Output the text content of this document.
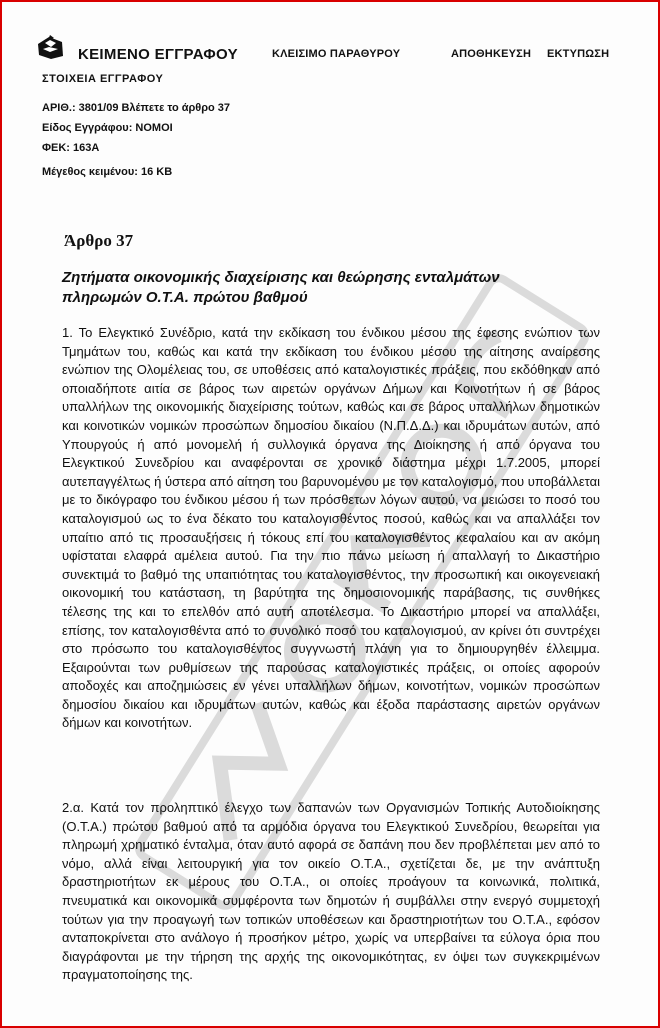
ΚΕΙΜΕΝΟ ΕΓΓΡΑΦΟΥ	ΚΛΕΙΣΙΜΟ ΠΑΡΑΘΥΡΟΥ	ΑΠΟΘΗΚΕΥΣΗ ΕΚΤΥΠΩΣΗ
ΣΤΟΙΧΕΙΑ ΕΓΓΡΑΦΟΥ
ΑΡΙΘ.: 3801/09 Βλέπετε το άρθρο 37
Είδος Εγγράφου: ΝΟΜΟΙ
ΦΕΚ: 163Α
Μέγεθος κειμένου: 16 KB
Άρθρο 37
Ζητήματα οικονομικής διαχείρισης και θεώρησης ενταλμάτων πληρωμών Ο.Τ.Α. πρώτου βαθμού
1. Το Ελεγκτικό Συνέδριο, κατά την εκδίκαση του ένδικου μέσου της έφεσης ενώπιον των Τμημάτων του, καθώς και κατά την εκδίκαση του ένδικου μέσου της αίτησης αναίρεσης ενώπιον της Ολομέλειας του, σε υποθέσεις από καταλογιστικές πράξεις, που εκδόθηκαν από οποιαδήποτε αιτία σε βάρος των αιρετών οργάνων Δήμων και Κοινοτήτων ή σε βάρος υπαλλήλων της οικονομικής διαχείρισης τούτων, καθώς και σε βάρος υπαλλήλων δημοτικών και κοινοτικών νομικών προσώπων δημοσίου δικαίου (Ν.Π.Δ.Δ.) και ιδρυμάτων αυτών, από Υπουργούς ή από μονομελή ή συλλογικά όργανα της Διοίκησης ή από όργανα του Ελεγκτικού Συνεδρίου και αναφέρονται σε χρονικό διάστημα μέχρι 1.7.2005, μπορεί αυτεπαγγέλτως ή ύστερα από αίτηση του βαρυνομένου με τον καταλογισμό, που υποβάλλεται με το δικόγραφο του ένδικου μέσου ή των πρόσθετων λόγων αυτού, να μειώσει το ποσό του καταλογισμού ως το ένα δέκατο του καταλογισθέντος ποσού, καθώς και να απαλλάξει τον υπαίτιο από τις προσαυξήσεις ή τόκους επί του καταλογισθέντος κεφαλαίου και αν ακόμη υφίσταται ελαφρά αμέλεια αυτού. Για την πιο πάνω μείωση ή απαλλαγή το Δικαστήριο συνεκτιμά το βαθμό της υπαιτιότητας του καταλογισθέντος, την προσωπική και οικογενειακή οικονομική του κατάσταση, τη βαρύτητα της δημοσιονομικής παράβασης, τις συνθήκες τέλεσης της και το επελθόν από αυτή αποτέλεσμα. Το Δικαστήριο μπορεί να απαλλάξει, επίσης, τον καταλογισθέντα από το συνολικό ποσό του καταλογισμού, αν κρίνει ότι συντρέχει στο πρόσωπο του καταλογισθέντος συγγνωστή πλάνη για το δημιουργηθέν έλλειμμα. Εξαιρούνται των ρυθμίσεων της παρούσας καταλογιστικές πράξεις, οι οποίες αφορούν αποδοχές και αποζημιώσεις εν γένει υπαλλήλων δήμων, κοινοτήτων, νομικών προσώπων δημοσίου δικαίου και ιδρυμάτων αυτών, καθώς και έξοδα παράστασης αιρετών οργάνων δήμων και κοινοτήτων.
2.α. Κατά τον προληπτικό έλεγχο των δαπανών των Οργανισμών Τοπικής Αυτοδιοίκησης (Ο.Τ.Α.) πρώτου βαθμού από τα αρμόδια όργανα του Ελεγκτικού Συνεδρίου, θεωρείται για πληρωμή χρηματικό ένταλμα, όταν αυτό αφορά σε δαπάνη που δεν προβλέπεται μεν από το νόμο, αλλά είναι λειτουργική για τον οικείο Ο.Τ.Α., σχετίζεται δε, με την ανάπτυξη δραστηριοτήτων εκ μέρους του Ο.Τ.Α., οι οποίες προάγουν τα κοινωνικά, πολιτικά, πνευματικά και οικονομικά συμφέροντα των δημοτών ή συμβάλλει στην ενεργό συμμετοχή τούτων για την προαγωγή των τοπικών υποθέσεων και δραστηριοτήτων του Ο.Τ.Α., εφόσον ανταποκρίνεται στο ανάλογο ή προσήκον μέτρο, χωρίς να υπερβαίνει τα εύλογα όρια που διαγράφονται με την τήρηση της αρχής της οικονομικότητας, εν όψει των συγκεκριμένων πραγματοποίησης της.
